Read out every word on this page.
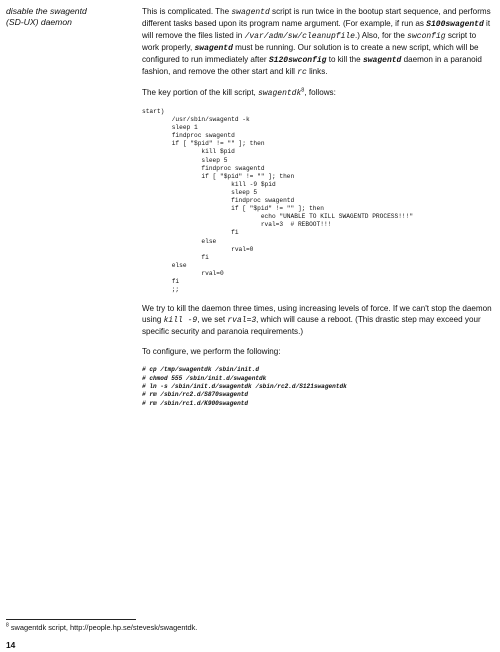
disable the swagentd
(SD-UX) daemon

This is complicated. The swagentd script is run twice in the bootup start sequence, and performs different tasks based upon its program name argument. (For example, if run as S100swagentd it will remove the files listed in /var/adm/sw/cleanupfile.) Also, for the swconfig script to work properly, swagentd must be running. Our solution is to create a new script, which will be configured to run immediately after S120swconfig to kill the swagentd daemon in a paranoid fashion, and remove the other start and kill rc links.

The key portion of the kill script, swagentdk$^8$, follows:

start)
/usr/sbin/swagentd -k
sleep 1
findproc swagentd
if [ "$pid" != "" ]; then
kill $pid
sleep 5
findproc swagentd
if [ "$pid" != "" ]; then
kill -9 $pid
sleep 5
findproc swagentd
if [ "$pid" != "" ]; then
echo "UNABLE TO KILL SWAGENTD PROCESS!!!"
rval=3  # REBOOT!!!
fi
else
rval=0
fi
else
rval=0
fi
;;

We try to kill the daemon three times, using increasing levels of force. If we can't stop the daemon using kill -9, we set rval=3, which will cause a reboot. (This drastic step may exceed your specific security and paranoia requirements.)

To configure, we perform the following:

# cp /tmp/swagentdk /sbin/init.d
# chmod 555 /sbin/init.d/swagentdk
# ln -s /sbin/init.d/swagentdk /sbin/rc2.d/S121swagentdk
# rm /sbin/rc2.d/S870swagentd
# rm /sbin/rc1.d/K900swagentd
$^8$ swagentdk script, http://people.hp.se/stevesk/swagentdk.
14
